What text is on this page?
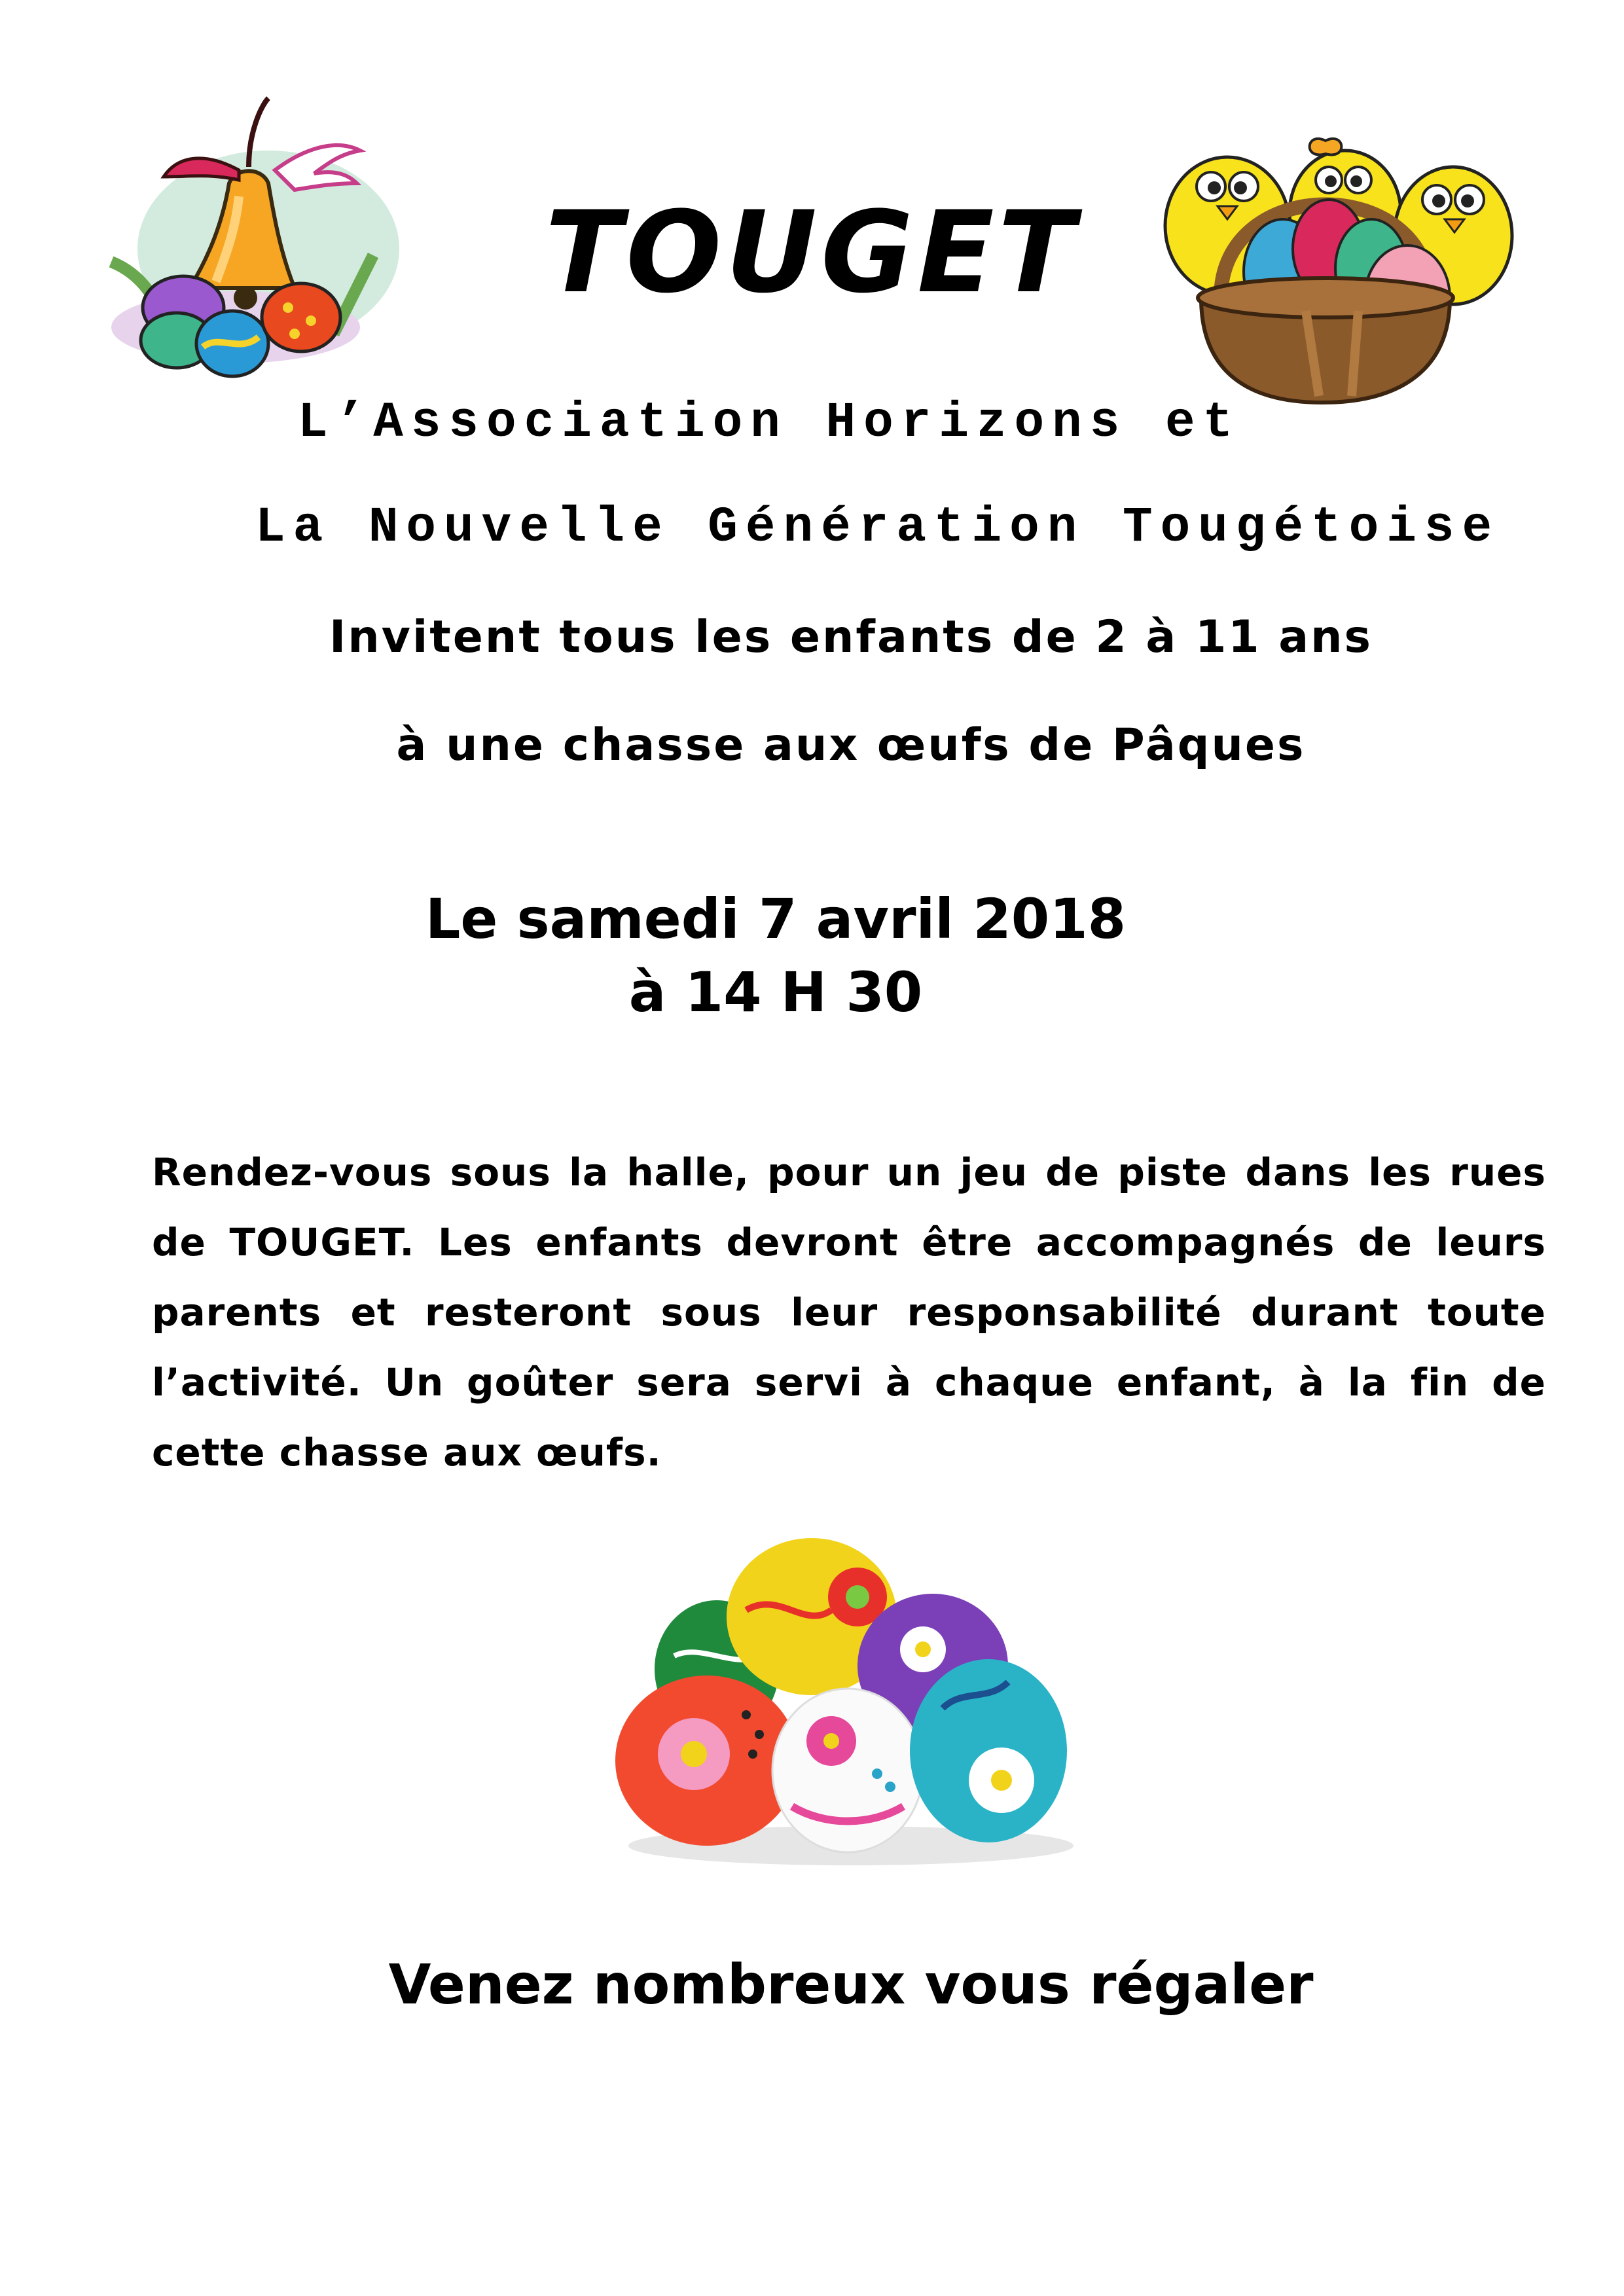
TOUGET
L’Association Horizons et
La Nouvelle Génération Tougétoise
Invitent tous les enfants de 2 à 11 ans
à une chasse aux œufs de Pâques
Le samedi 7 avril 2018
à 14 H 30
Rendez-vous sous la halle, pour un jeu de piste dans les rues de TOUGET. Les enfants devront être accompagnés de leurs parents et resteront sous leur responsabilité durant toute l’activité. Un goûter sera servi à chaque enfant, à la fin de cette chasse aux œufs.
Venez nombreux vous régaler
